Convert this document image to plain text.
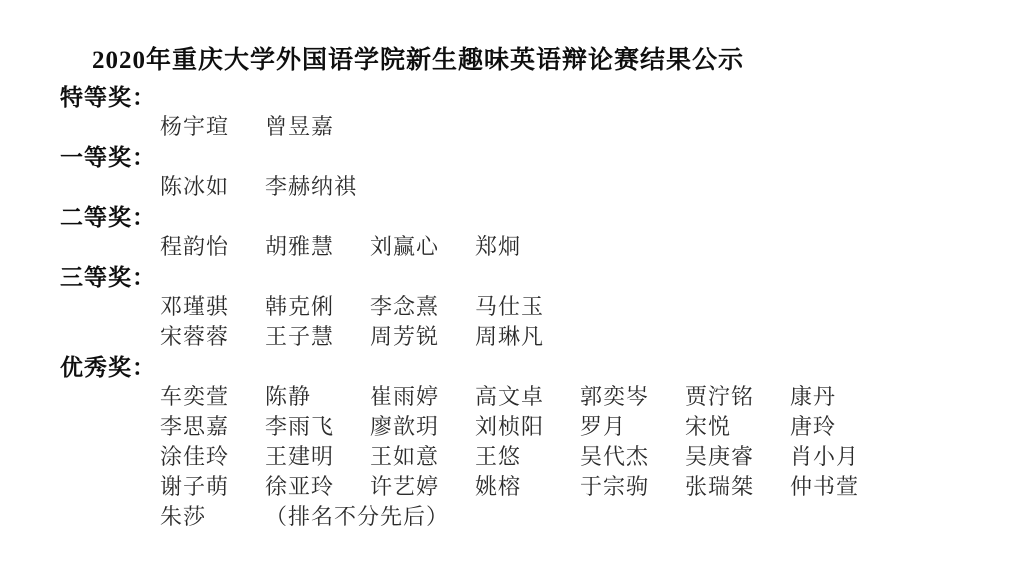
2020年重庆大学外国语学院新生趣味英语辩论赛结果公示
特等奖：
杨宇瑄 曾昱嘉
一等奖：
陈冰如 李赫纳祺
二等奖：
程韵怡 胡雅慧 刘赢心 郑炯
三等奖：
邓瑾骐 韩克俐 李念熹 马仕玉
宋蓉蓉 王子慧 周芳锐 周琳凡
优秀奖：
车奕萱 陈静	崔雨婷 高文卓 郭奕岑 贾泞铭 康丹
李思嘉 李雨飞 廖歆玥 刘桢阳 罗月	宋悦	唐玲
涂佳玲 王建明 王如意 王悠	吴代杰 吴庚睿 肖小月
谢子萌 徐亚玲 许艺婷 姚榕	于宗驹 张瑞桀 仲书萱
朱莎	（排名不分先后）
